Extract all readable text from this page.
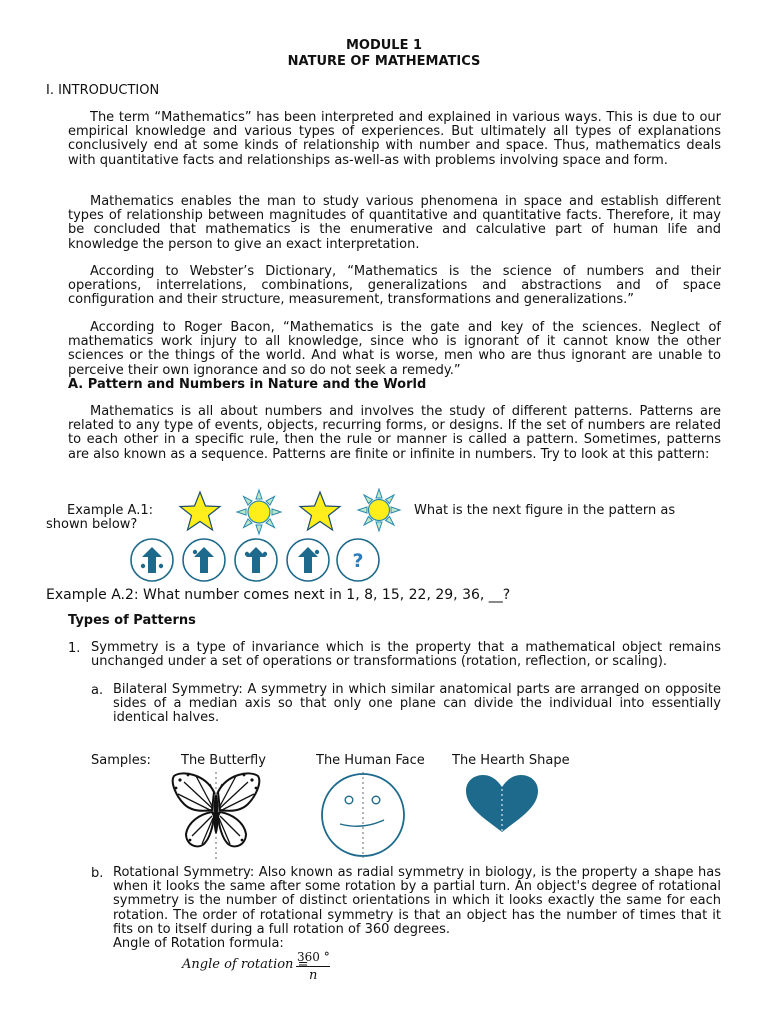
MODULE 1
NATURE OF MATHEMATICS
I. INTRODUCTION

The term “Mathematics” has been interpreted and explained in various ways. This is due to our empirical knowledge and various types of experiences. But ultimately all types of explanations conclusively end at some kinds of relationship with number and space. Thus, mathematics deals with quantitative facts and relationships as-well-as with problems involving space and form.

Mathematics enables the man to study various phenomena in space and establish different types of relationship between magnitudes of quantitative and quantitative facts. Therefore, it may be concluded that mathematics is the enumerative and calculative part of human life and knowledge the person to give an exact interpretation.

According to Webster’s Dictionary, “Mathematics is the science of numbers and their operations, interrelations, combinations, generalizations and abstractions and of space configuration and their structure, measurement, transformations and generalizations.”

According to Roger Bacon, “Mathematics is the gate and key of the sciences. Neglect of mathematics work injury to all knowledge, since who is ignorant of it cannot know the other sciences or the things of the world. And what is worse, men who are thus ignorant are unable to perceive their own ignorance and so do not seek a remedy.”

A. Pattern and Numbers in Nature and the World

Mathematics is all about numbers and involves the study of different patterns. Patterns are related to any type of events, objects, recurring forms, or designs. If the set of numbers are related to each other in a specific rule, then the rule or manner is called a pattern. Sometimes, patterns are also known as a sequence. Patterns are finite or infinite in numbers. Try to look at this pattern:

Example A.1:	What is the next figure in the pattern as
shown below?
?
Example A.2: What number comes next in 1, 8, 15, 22, 29, 36, __?
Types of Patterns
1. Symmetry is a type of invariance which is the property that a mathematical object remains unchanged under a set of operations or transformations (rotation, reflection, or scaling).

a. Bilateral Symmetry: A symmetry in which similar anatomical parts are arranged on opposite sides of a median axis so that only one plane can divide the individual into essentially identical halves.

Samples: The Butterfly	The Human Face The Hearth Shape
b. Rotational Symmetry: Also known as radial symmetry in biology, is the property a shape has when it looks the same after some rotation by a partial turn. An object's degree of rotational symmetry is the number of distinct orientations in which it looks exactly the same for each rotation. The order of rotational symmetry is that an object has the number of times that it fits on to itself during a full rotation of 360 degrees.

Angle of Rotation formula:
Angle of rotation =
360 °
n
